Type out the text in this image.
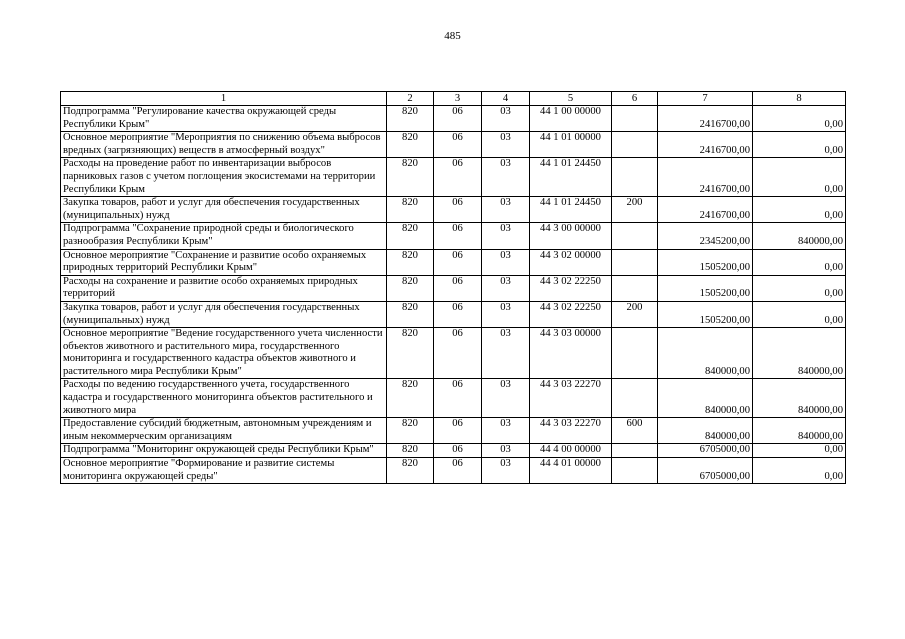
485
1	2	3	4	5	6	7	8
Подпрограмма "Регулирование качества окружающей среды Республики Крым"	820	06	03	44 1 00 00000		2416700,00	0,00
Основное мероприятие "Мероприятия по снижению объема выбросов вредных (загрязняющих) веществ в атмосферный воздух"	820	06	03	44 1 01 00000		2416700,00	0,00
Расходы на проведение работ по инвентаризации выбросов парниковых газов с учетом поглощения экосистемами на территории Республики Крым	820	06	03	44 1 01 24450		2416700,00	0,00
Закупка товаров, работ и услуг для обеспечения государственных (муниципальных) нужд	820	06	03	44 1 01 24450	200	2416700,00	0,00
Подпрограмма "Сохранение природной среды и биологического разнообразия Республики Крым"	820	06	03	44 3 00 00000		2345200,00	840000,00
Основное мероприятие "Сохранение и развитие особо охраняемых природных территорий Республики Крым"	820	06	03	44 3 02 00000		1505200,00	0,00
Расходы на сохранение и развитие особо охраняемых природных территорий	820	06	03	44 3 02 22250		1505200,00	0,00
Закупка товаров, работ и услуг для обеспечения государственных (муниципальных) нужд	820	06	03	44 3 02 22250	200	1505200,00	0,00
Основное мероприятие "Ведение государственного учета численности объектов животного и растительного мира, государственного мониторинга и государственного кадастра объектов животного и растительного мира Республики Крым"	820	06	03	44 3 03 00000		840000,00	840000,00
Расходы по ведению государственного учета, государственного кадастра и государственного мониторинга объектов растительного и животного мира	820	06	03	44 3 03 22270		840000,00	840000,00
Предоставление субсидий бюджетным, автономным учреждениям и иным некоммерческим организациям	820	06	03	44 3 03 22270	600	840000,00	840000,00
Подпрограмма "Мониторинг окружающей среды Республики Крым"	820	06	03	44 4 00 00000		6705000,00	0,00
Основное мероприятие "Формирование и развитие системы мониторинга окружающей среды"	820	06	03	44 4 01 00000		6705000,00	0,00
